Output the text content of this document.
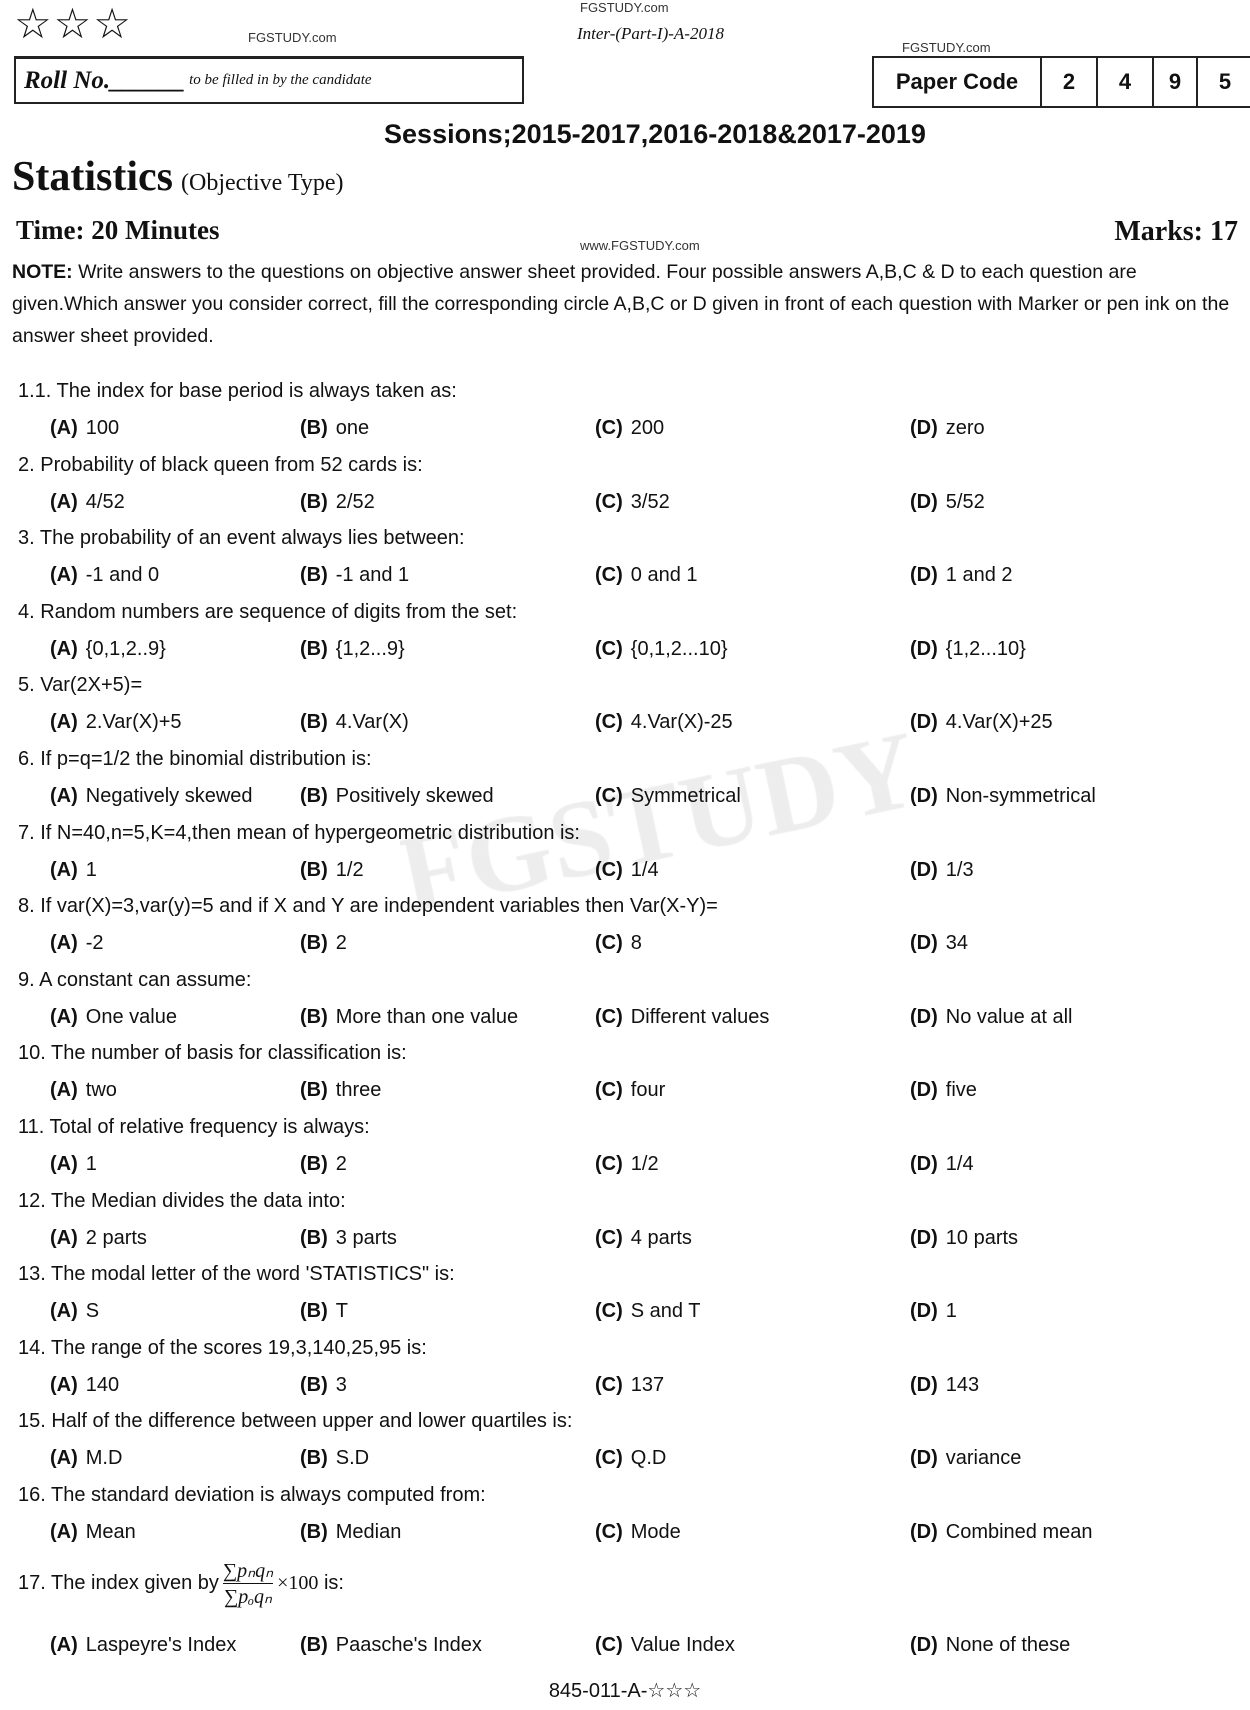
☆☆☆	FGSTUDY.com
FGSTUDY.com	Inter-(Part-I)-A-2018
FGSTUDY.com
Roll No.______ to be filled in by the candidate	Paper Code	2	4	9	5
Sessions;2015-2017,2016-2018&2017-2019
Statistics (Objective Type)
Time: 20 Minutes
www.FGSTUDY.com	Marks: 17
NOTE: Write answers to the questions on objective answer sheet provided. Four possible answers A,B,C & D to each question are given.Which answer you consider correct, fill the corresponding circle A,B,C or D given in front of each question with Marker or pen ink on the answer sheet provided.
1.1. The index for base period is always taken as:
(A) 100	(B) one	(C) 200	(D) zero
2. Probability of black queen from 52 cards is:
(A) 4/52	(B) 2/52	(C) 3/52	(D) 5/52
3. The probability of an event always lies between:
(A) -1 and 0	(B) -1 and 1	(C) 0 and 1	(D) 1 and 2
4. Random numbers are sequence of digits from the set:
(A) {0,1,2..9}	(B) {1,2...9}	(C) {0,1,2...10}	(D) {1,2...10}
5. Var(2X+5)=
(A) 2.Var(X)+5	(B) 4.Var(X)	(C) 4.Var(X)-25	(D) 4.Var(X)+25
6. If p=q=1/2 the binomial distribution is:
(A) Negatively skewed (B) Positively skewed	(C) Symmetrical	(D) Non-symmetrical
7. If N=40,n=5,K=4,then mean of hypergeometric distribution is:
(A) 1	(B) 1/2	(C) 1/4	(D) 1/3
8. If var(X)=3,var(y)=5 and if X and Y are independent variables then Var(X-Y)=
(A) -2	(B) 2	(C) 8	(D) 34
9. A constant can assume:
(A) One value	(B) More than one value	(C) Different values	(D) No value at all
10. The number of basis for classification is:
(A) two	(B) three	(C) four	(D) five
11. Total of relative frequency is always:
(A) 1	(B) 2	(C) 1/2	(D) 1/4
12. The Median divides the data into:
(A) 2 parts	(B) 3 parts	(C) 4 parts	(D) 10 parts
13. The modal letter of the word 'STATISTICS" is:
(A) S	(B) T	(C) S and T	(D) 1
14. The range of the scores 19,3,140,25,95 is:
(A) 140	(B) 3	(C) 137	(D) 143
15. Half of the difference between upper and lower quartiles is:
(A) M.D	(B) S.D	(C) Q.D	(D) variance
16. The standard deviation is always computed from:
(A) Mean	(B) Median	(C) Mode	(D) Combined mean
17. The index given by $\frac{\text{∑pₙqₙ}}{\text{∑pₒqₙ}} \times 100$ is:
(A) Laspeyre's Index	(B) Paasche's Index	(C) Value Index	(D) None of these
845-011-A-☆☆☆
